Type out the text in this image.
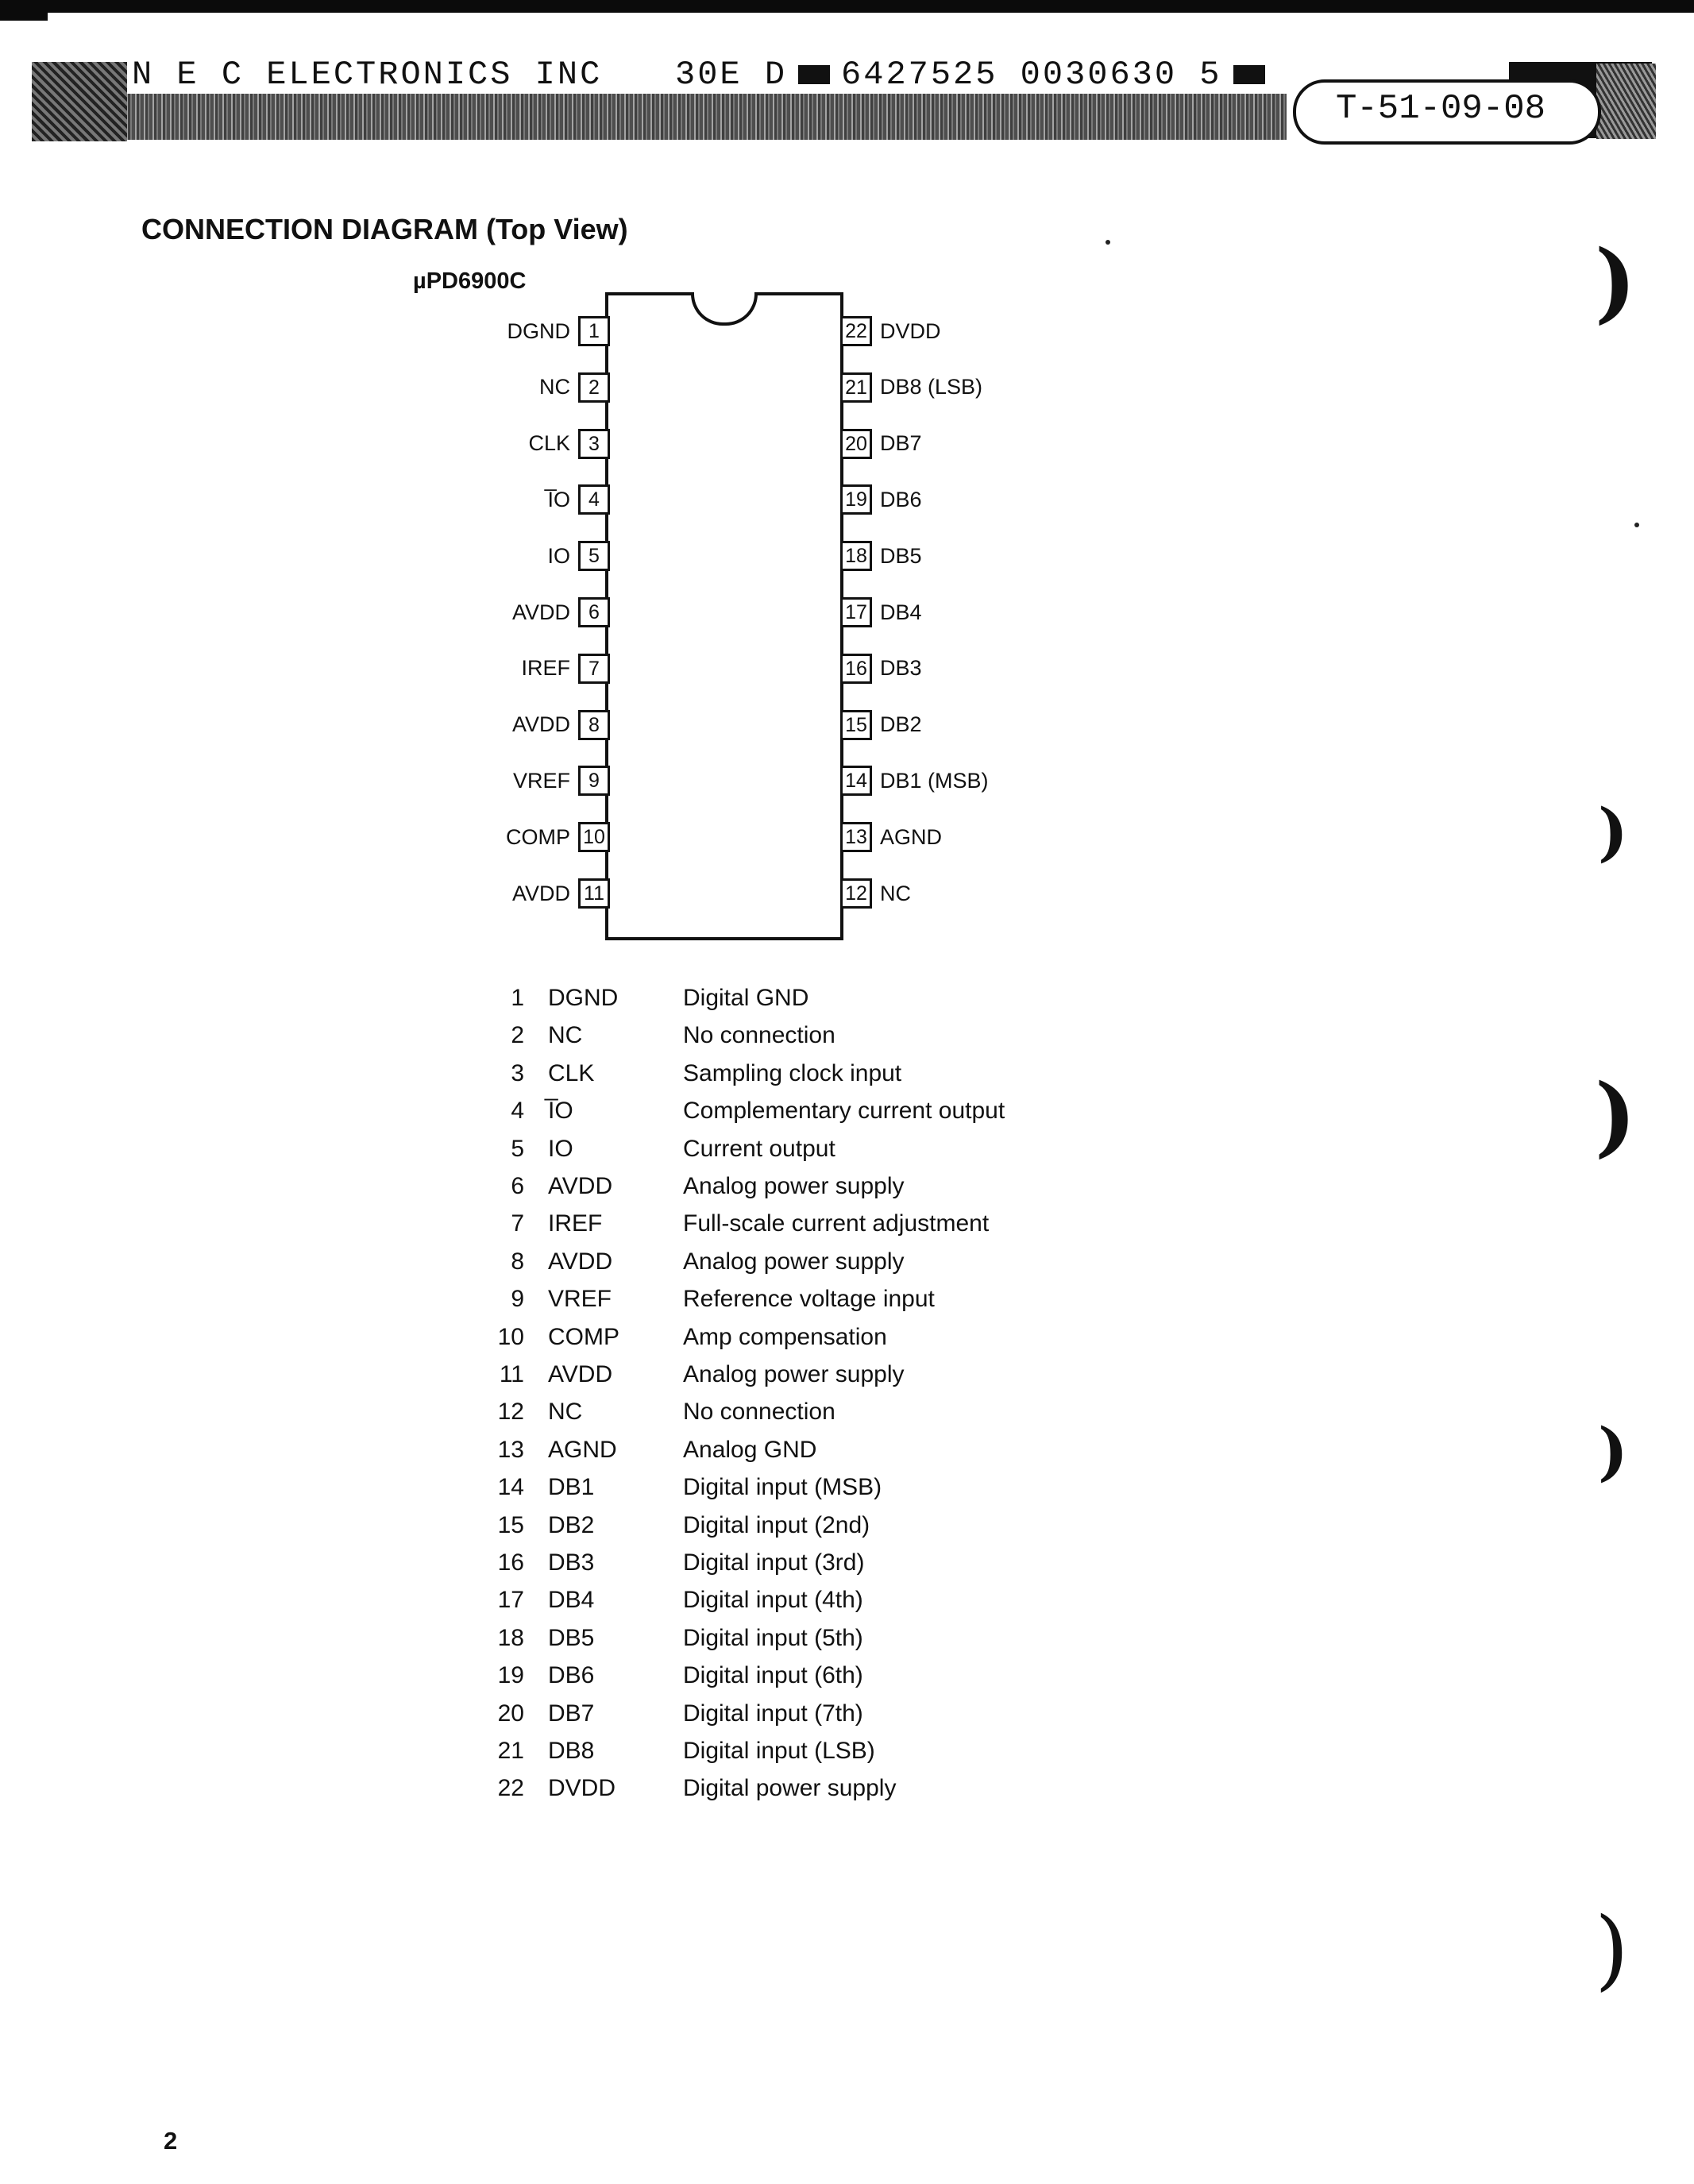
N E C ELECTRONICS INC 30E D 6427525 0030630 5
T-51-09-08
CONNECTION DIAGRAM (Top View)
µPD6900C
DGND 1
NC 2
CLK 3
I̅O 4
IO 5
AVDD 6
IREF 7
AVDD 8
VREF 9
COMP 10
AVDD 11
22 DVDD
21 DB8 (LSB)
20 DB7
19 DB6
18 DB5
17 DB4
16 DB3
15 DB2
14 DB1 (MSB)
13 AGND
12 NC
1	DGND	Digital GND
2	NC	No connection
3	CLK	Sampling clock input
4	I̅O	Complementary current output
5	IO	Current output
6	AVDD	Analog power supply
7	IREF	Full-scale current adjustment
8	AVDD	Analog power supply
9	VREF	Reference voltage input
10	COMP	Amp compensation
11	AVDD	Analog power supply
12	NC	No connection
13	AGND	Analog GND
14	DB1	Digital input (MSB)
15	DB2	Digital input (2nd)
16	DB3	Digital input (3rd)
17	DB4	Digital input (4th)
18	DB5	Digital input (5th)
19	DB6	Digital input (6th)
20	DB7	Digital input (7th)
21	DB8	Digital input (LSB)
22	DVDD	Digital power supply
2
)
)
)
)
)
